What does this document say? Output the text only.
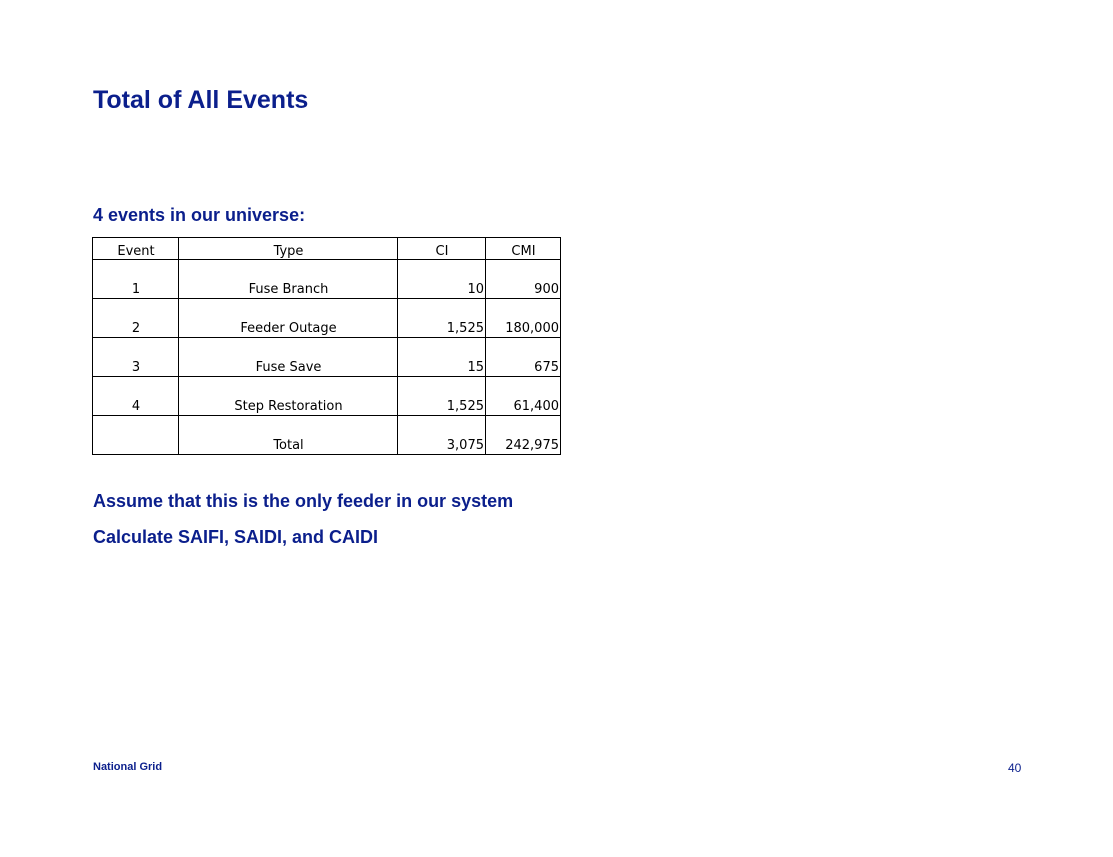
Total of All Events
4 events in our universe:
Event	Type	CI	CMI
1	Fuse Branch	10	900
2	Feeder Outage	1,525	180,000
3	Fuse Save	15	675
4	Step Restoration	1,525	61,400
	Total	3,075	242,975

Assume that this is the only feeder in our system

Calculate SAIFI, SAIDI, and CAIDI

National Grid	40
